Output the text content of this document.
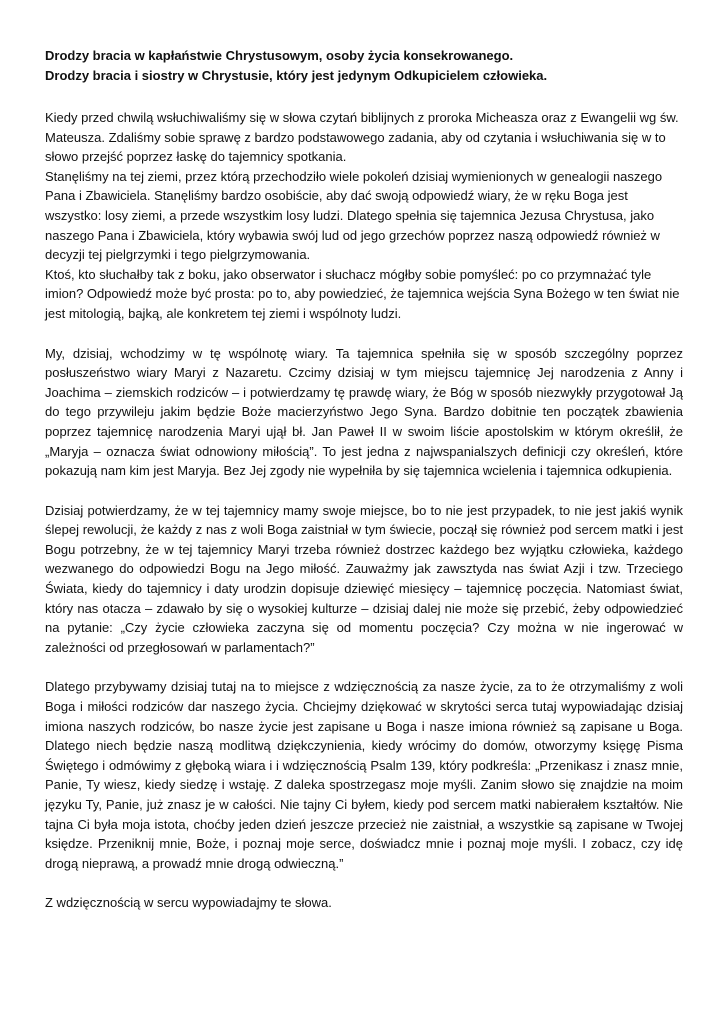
Drodzy bracia w kapłaństwie Chrystusowym, osoby życia konsekrowanego.

Drodzy bracia i siostry w Chrystusie, który jest jedynym Odkupicielem człowieka.

Kiedy przed chwilą wsłuchiwaliśmy się w słowa czytań biblijnych z proroka Micheasza oraz z Ewangelii wg św. Mateusza. Zdaliśmy sobie sprawę z bardzo podstawowego zadania, aby od czytania i wsłuchiwania się w to słowo przejść poprzez łaskę do tajemnicy spotkania.

Stanęliśmy na tej ziemi, przez którą przechodziło wiele pokoleń dzisiaj wymienionych w genealogii naszego Pana i Zbawiciela. Stanęliśmy bardzo osobiście, aby dać swoją odpowiedź wiary, że w ręku Boga jest wszystko: losy ziemi, a przede wszystkim losy ludzi. Dlatego spełnia się tajemnica Jezusa Chrystusa, jako naszego Pana i Zbawiciela, który wybawia swój lud od jego grzechów poprzez naszą odpowiedź również w decyzji tej pielgrzymki i tego pielgrzymowania.

Ktoś, kto słuchałby tak z boku, jako obserwator i słuchacz mógłby sobie pomyśleć: po co przymnażać tyle imion? Odpowiedź może być prosta: po to, aby powiedzieć, że tajemnica wejścia Syna Bożego w ten świat nie jest mitologią, bajką, ale konkretem tej ziemi i wspólnoty ludzi.

My, dzisiaj, wchodzimy w tę wspólnotę wiary. Ta tajemnica spełniła się w sposób szczególny poprzez posłuszeństwo wiary Maryi z Nazaretu. Czcimy dzisiaj w tym miejscu tajemnicę Jej narodzenia z Anny i Joachima – ziemskich rodziców – i potwierdzamy tę prawdę wiary, że Bóg w sposób niezwykły przygotował Ją do tego przywileju jakim będzie Boże macierzyństwo Jego Syna. Bardzo dobitnie ten początek zbawienia poprzez tajemnicę narodzenia Maryi ujął bł. Jan Paweł II w swoim liście apostolskim w którym określił, że „Maryja – oznacza świat odnowiony miłością”. To jest jedna z najwspanialszych definicji czy określeń, które pokazują nam kim jest Maryja. Bez Jej zgody nie wypełniła by się tajemnica wcielenia i tajemnica odkupienia.

Dzisiaj potwierdzamy, że w tej tajemnicy mamy swoje miejsce, bo to nie jest przypadek, to nie jest jakiś wynik ślepej rewolucji, że każdy z nas z woli Boga zaistniał w tym świecie, począł się również pod sercem matki i jest Bogu potrzebny, że w tej tajemnicy Maryi trzeba również dostrzec każdego bez wyjątku człowieka, każdego wezwanego do odpowiedzi Bogu na Jego miłość. Zauważmy jak zawsztyda nas świat Azji i tzw. Trzeciego Świata, kiedy do tajemnicy i daty urodzin dopisuje dziewięć miesięcy – tajemnicę poczęcia. Natomiast świat, który nas otacza – zdawało by się o wysokiej kulturze – dzisiaj dalej nie może się przebić, żeby odpowiedzieć na pytanie: „Czy życie człowieka zaczyna się od momentu poczęcia? Czy można w nie ingerować w zależności od przegłosowań w parlamentach?”

Dlatego przybywamy dzisiaj tutaj na to miejsce z wdzięcznością za nasze życie, za to że otrzymaliśmy z woli Boga i miłości rodziców dar naszego życia. Chciejmy dziękować w skrytości serca tutaj wypowiadając dzisiaj imiona naszych rodziców, bo nasze życie jest zapisane u Boga i nasze imiona również są zapisane u Boga. Dlatego niech będzie naszą modlitwą dziękczynienia, kiedy wrócimy do domów, otworzymy księgę Pisma Świętego i odmówimy z głęboką wiara i i wdzięcznością Psalm 139, który podkreśla: „Przenikasz i znasz mnie, Panie, Ty wiesz, kiedy siedzę i wstaję. Z daleka spostrzegasz moje myśli. Zanim słowo się znajdzie na moim języku Ty, Panie, już znasz je w całości. Nie tajny Ci byłem, kiedy pod sercem matki nabierałem kształtów. Nie tajna Ci była moja istota, choćby jeden dzień jeszcze przecież nie zaistniał, a wszystkie są zapisane w Twojej księdze. Przeniknij mnie, Boże, i poznaj moje serce, doświadcz mnie i poznaj moje myśli. I zobacz, czy idę drogą nieprawą, a prowadź mnie drogą odwieczną.”

Z wdzięcznością w sercu wypowiadajmy te słowa.
